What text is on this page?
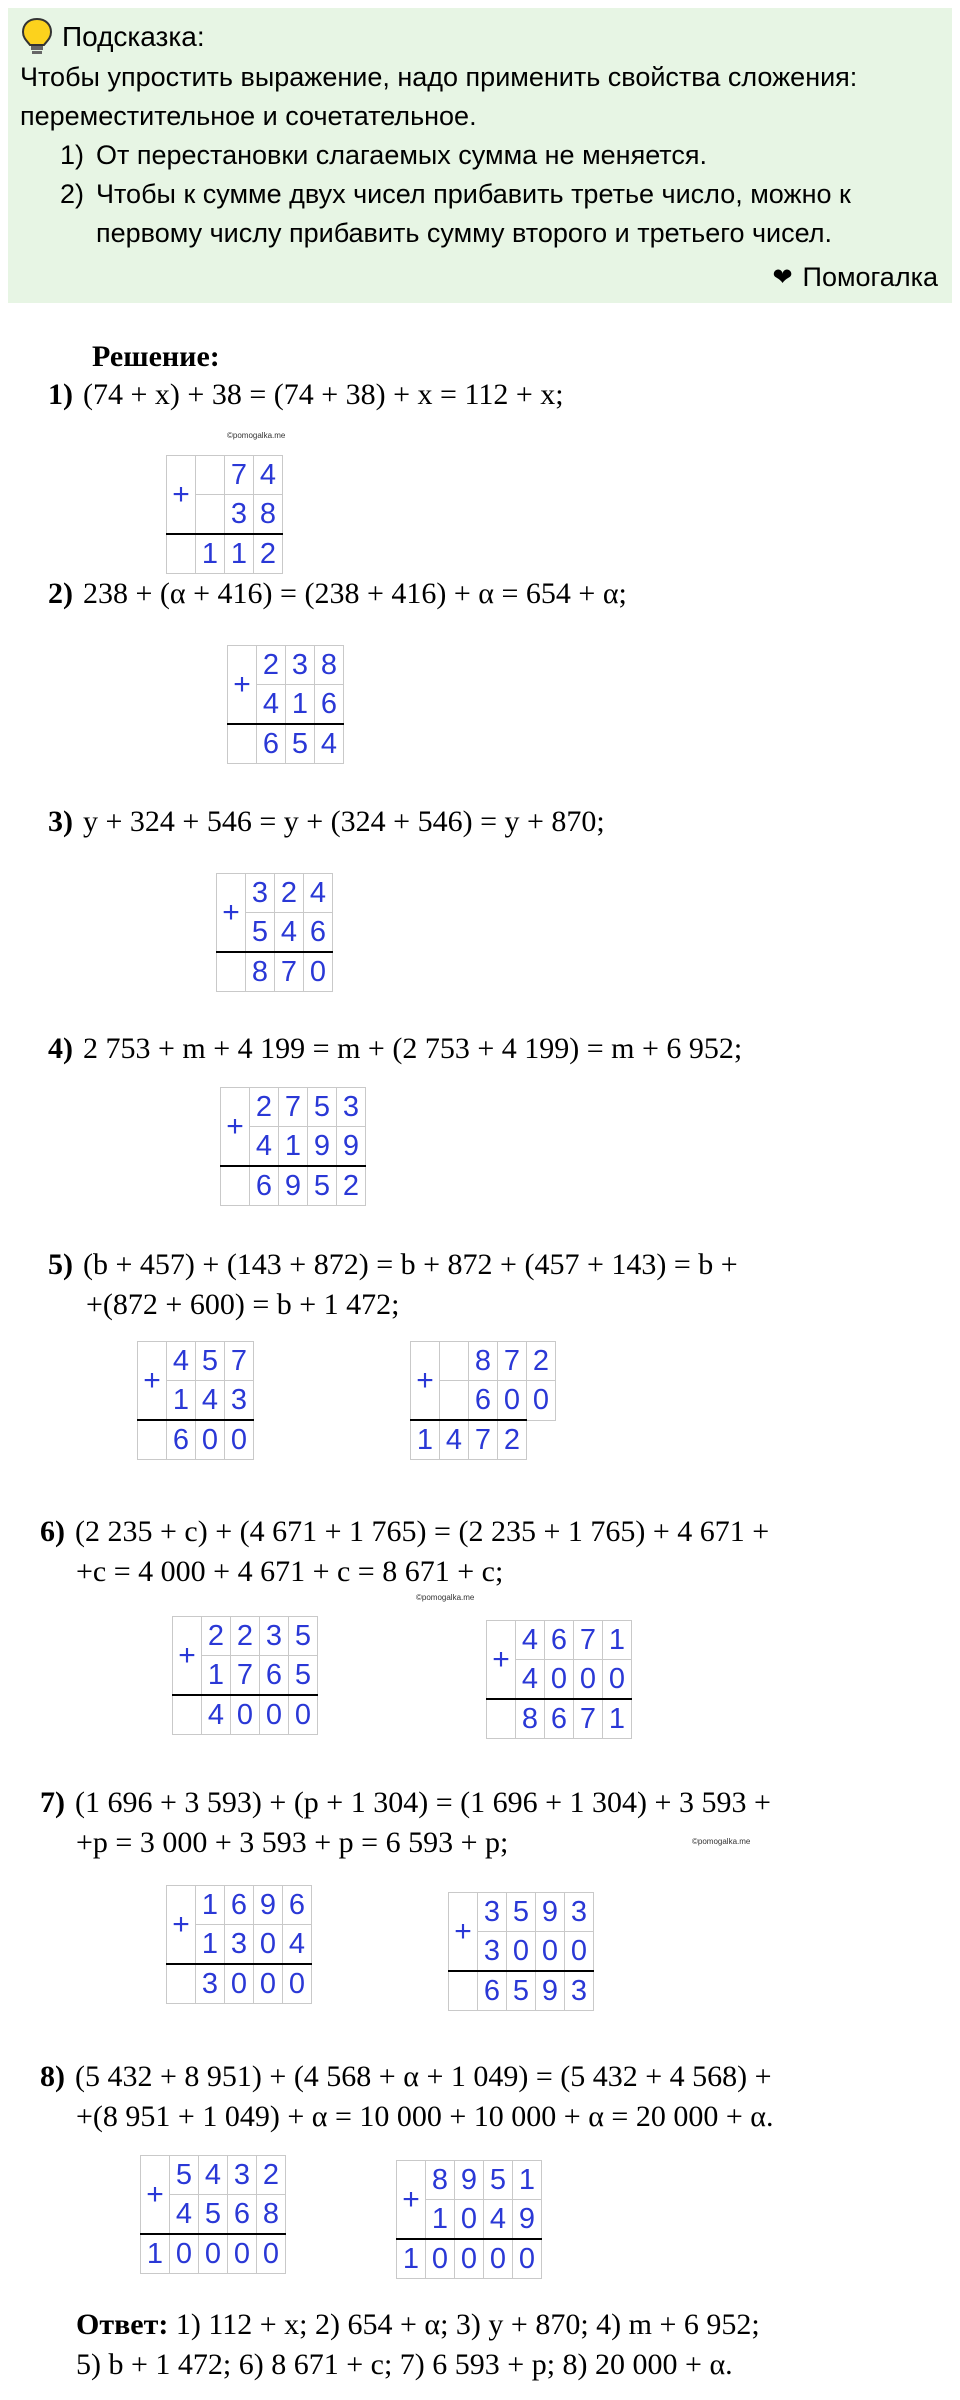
Подсказка:
Чтобы упростить выражение, надо применить свойства сложения:
переместительное и сочетательное.
1) От перестановки слагаемых сумма не меняется.
2) Чтобы к сумме двух чисел прибавить третье число, можно к
первому числу прибавить сумму второго и третьего чисел.
❤ Помогалка
Решение:
1) (74 + x) + 38 = (74 + 38) + x = 112 + x;
©pomogalka.me
+		7	4
		3	8
	1	1	2
2) 238 + (α + 416) = (238 + 416) + α = 654 + α;
+	2	3	8
	4	1	6
	6	5	4
3) y + 324 + 546 = y + (324 + 546) = y + 870;
+	3	2	4
	5	4	6
	8	7	0
4) 2 753 + m + 4 199 = m + (2 753 + 4 199) = m + 6 952;
+	2	7	5	3
	4	1	9	9
	6	9	5	2
5) (b + 457) + (143 + 872) = b + 872 + (457 + 143) = b +
+(872 + 600) = b + 1 472;
+	4	5	7
	1	4	3
	6	0	0
+		8	7	2
		6	0	0
1	4	7	2	
6) (2 235 + c) + (4 671 + 1 765) = (2 235 + 1 765) + 4 671 +
+c = 4 000 + 4 671 + c = 8 671 + c;
©pomogalka.me
+	2	2	3	5
	1	7	6	5
	4	0	0	0
+	4	6	7	1
	4	0	0	0
	8	6	7	1
7) (1 696 + 3 593) + (p + 1 304) = (1 696 + 1 304) + 3 593 +
+p = 3 000 + 3 593 + p = 6 593 + p;	©pomogalka.me
+	1	6	9	6
	1	3	0	4
	3	0	0	0
+	3	5	9	3
	3	0	0	0
	6	5	9	3
8) (5 432 + 8 951) + (4 568 + α + 1 049) = (5 432 + 4 568) +
+(8 951 + 1 049) + α = 10 000 + 10 000 + α = 20 000 + α.
+	5	4	3	2
	4	5	6	8
1	0	0	0	0
+	8	9	5	1
	1	0	4	9
1	0	0	0	0
Ответ: 1) 112 + x; 2) 654 + α; 3) y + 870; 4) m + 6 952;
5) b + 1 472; 6) 8 671 + c; 7) 6 593 + p; 8) 20 000 + α.
